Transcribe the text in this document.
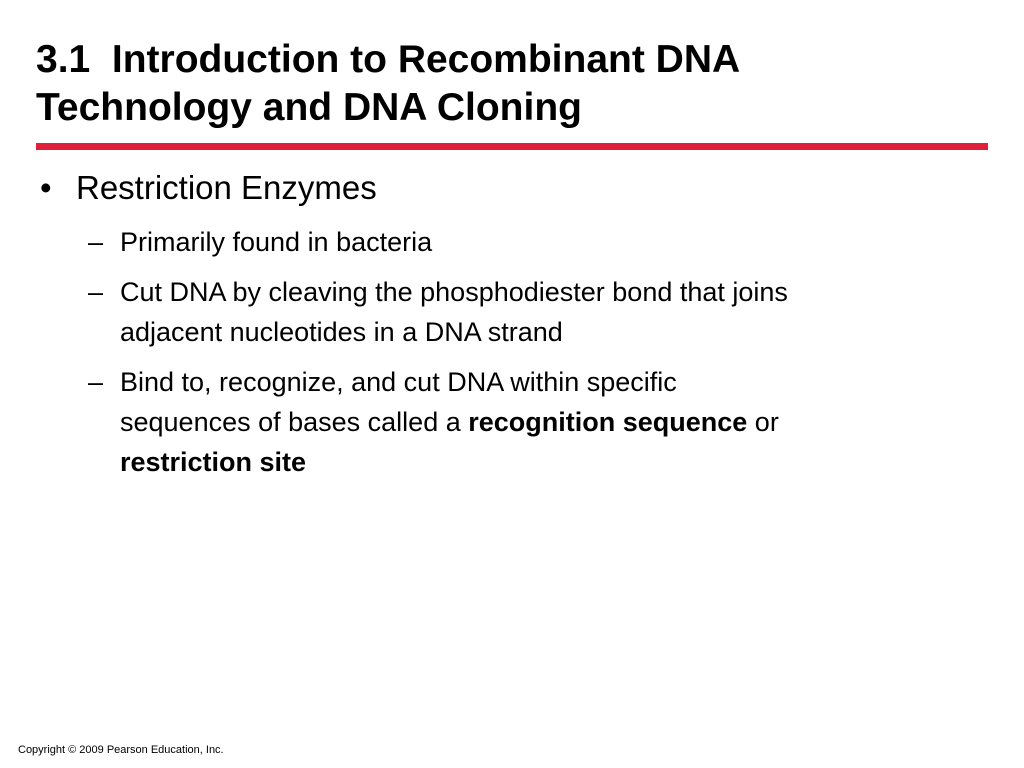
3.1  Introduction to Recombinant DNA
Technology and DNA Cloning
• Restriction Enzymes
– Primarily found in bacteria
– Cut DNA by cleaving the phosphodiester bond that joins
adjacent nucleotides in a DNA strand
– Bind to, recognize, and cut DNA within specific
sequences of bases called a recognition sequence or
restriction site
Copyright © 2009 Pearson Education, Inc.
